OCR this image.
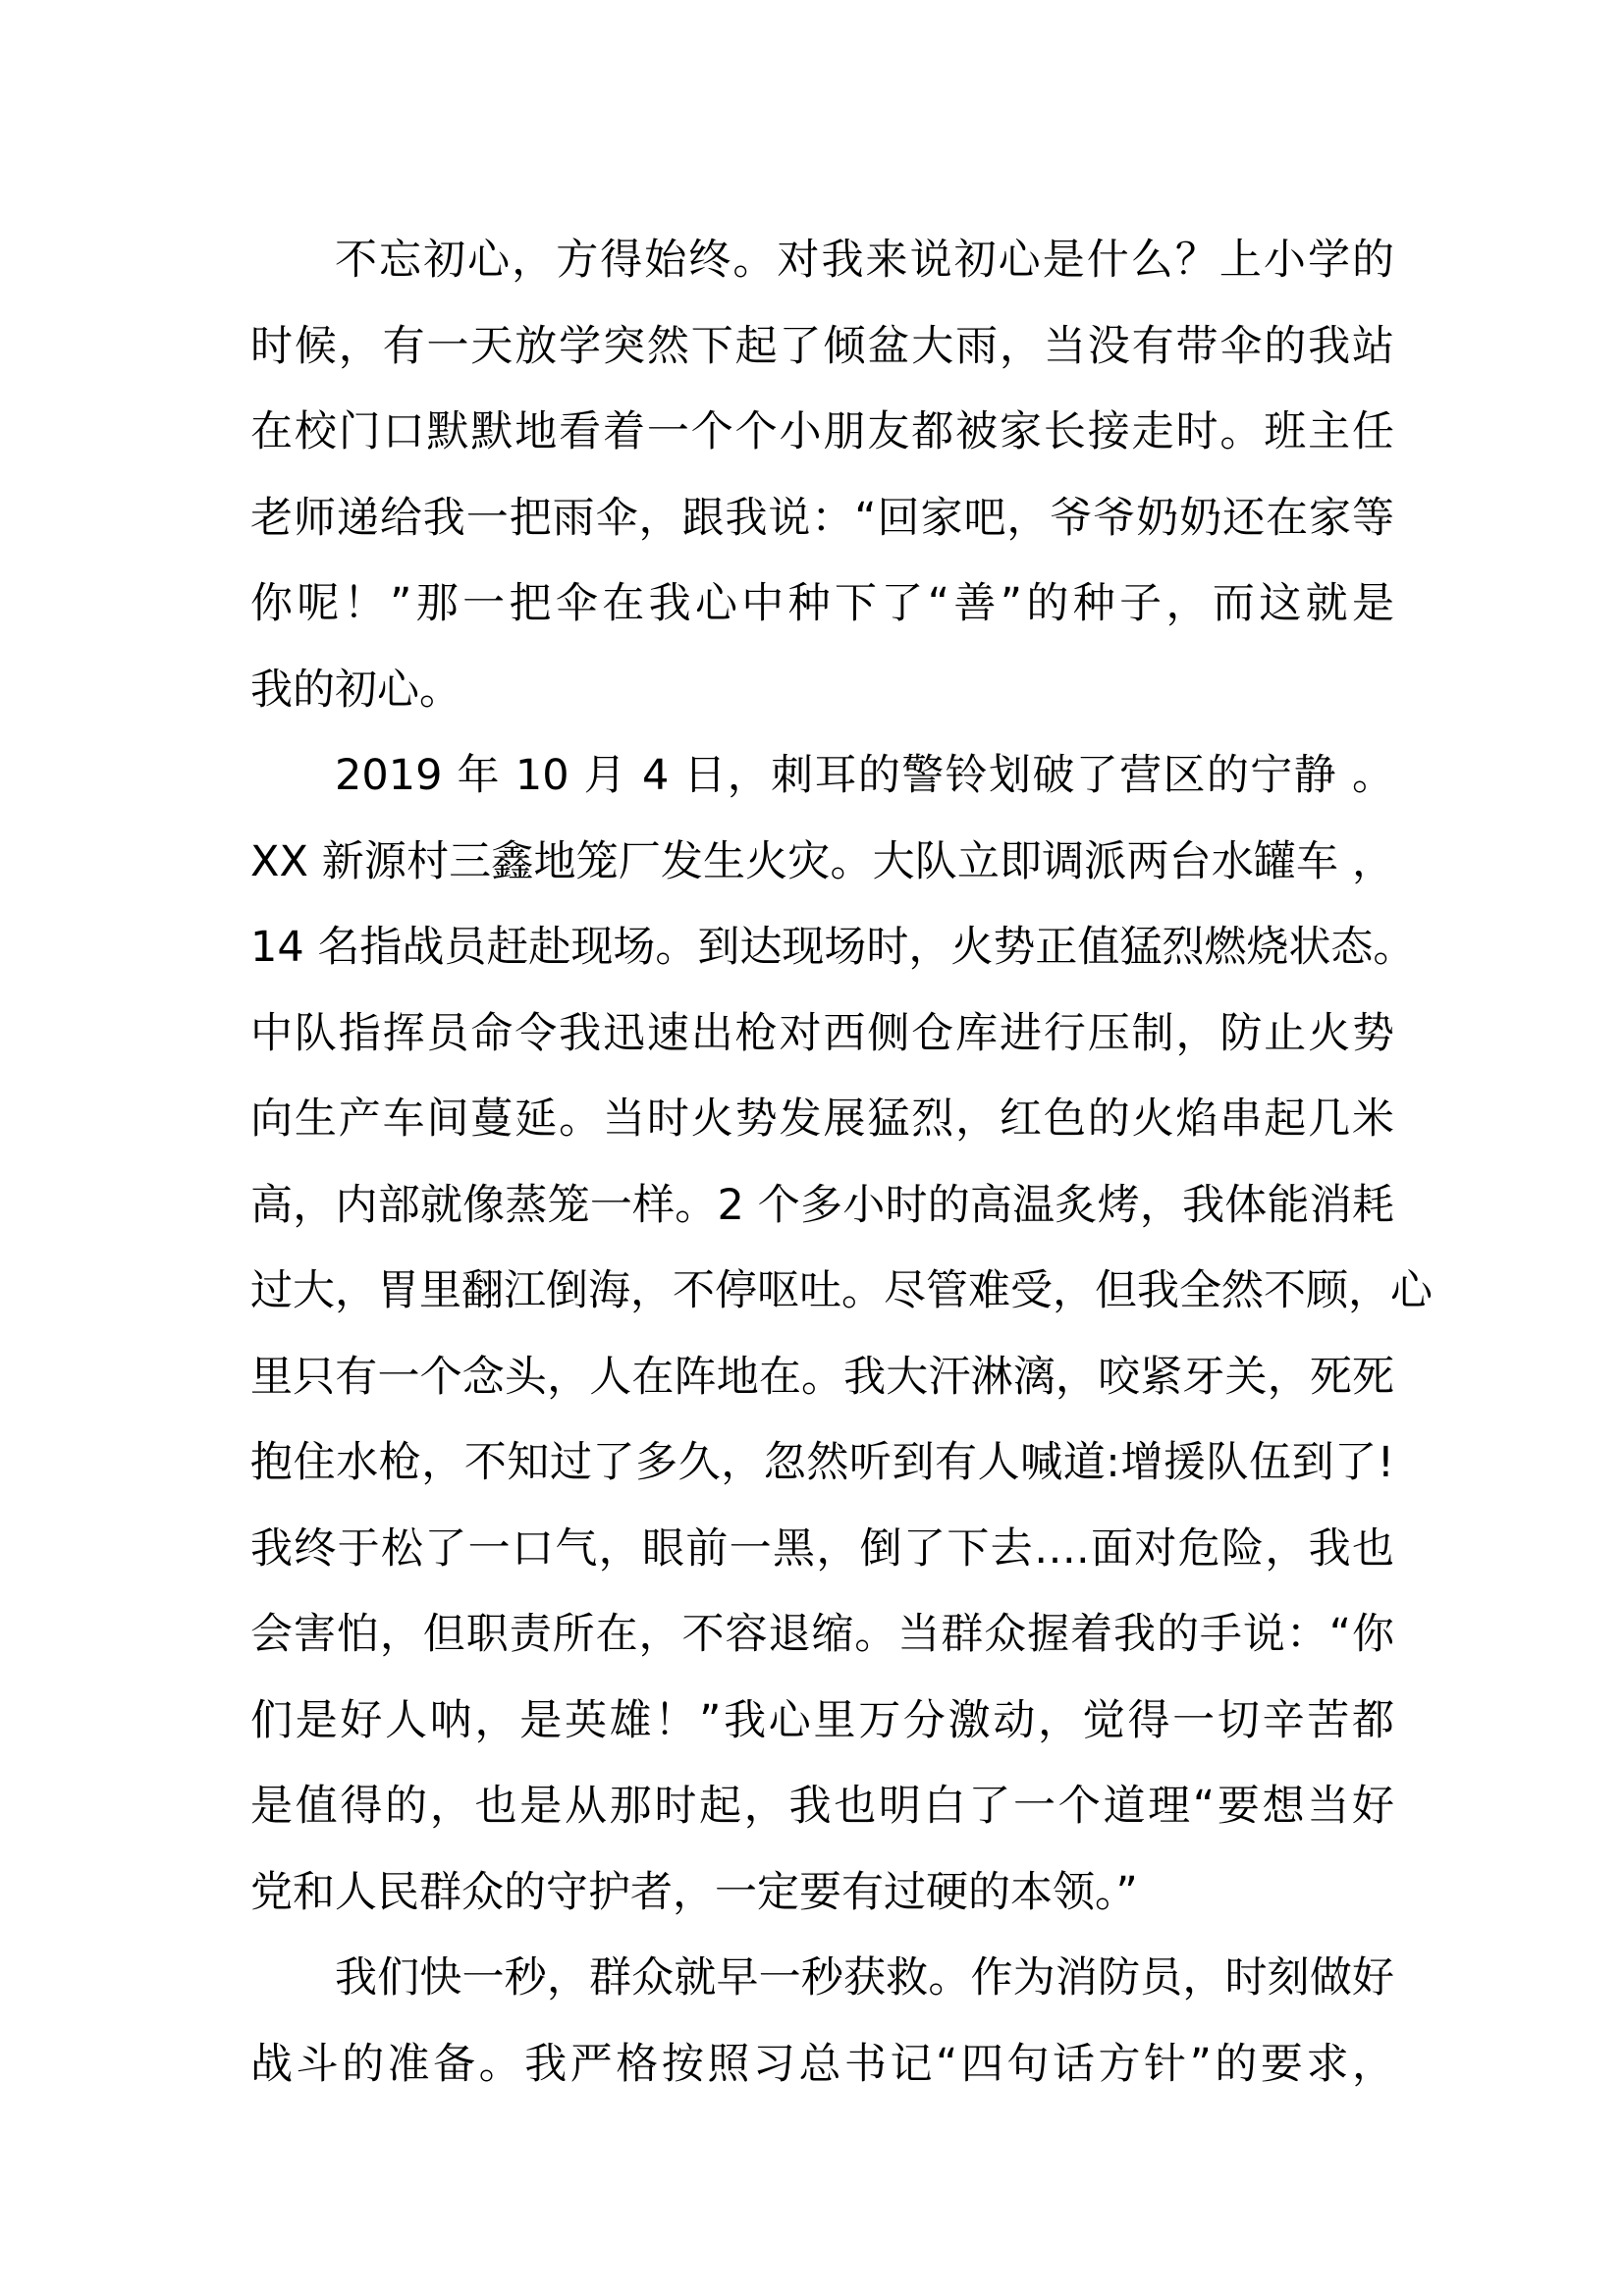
不忘初心，方得始终。对我来说初心是什么？上小学的
时候，有一天放学突然下起了倾盆大雨，当没有带伞的我站
在校门口默默地看着一个个小朋友都被家长接走时。班主任
老师递给我一把雨伞，跟我说：“回家吧，爷爷奶奶还在家等
你呢！”那一把伞在我心中种下了“善”的种子，而这就是
我的初心。
2019 年 10 月 4 日，刺耳的警铃划破了营区的宁静 。
XX 新源村三鑫地笼厂发生火灾。大队立即调派两台水罐车 ，
14 名指战员赶赴现场。到达现场时，火势正值猛烈燃烧状态。
中队指挥员命令我迅速出枪对西侧仓库进行压制，防止火势
向生产车间蔓延。当时火势发展猛烈，红色的火焰串起几米
高，内部就像蒸笼一样。2 个多小时的高温炙烤，我体能消耗
过大，胃里翻江倒海，不停呕吐。尽管难受，但我全然不顾，心
里只有一个念头，人在阵地在。我大汗淋漓，咬紧牙关，死死
抱住水枪，不知过了多久，忽然听到有人喊道:增援队伍到了!
我终于松了一口气，眼前一黑，倒了下去….面对危险，我也
会害怕，但职责所在，不容退缩。当群众握着我的手说：“你
们是好人呐，是英雄！”我心里万分激动，觉得一切辛苦都
是值得的，也是从那时起，我也明白了一个道理“要想当好
党和人民群众的守护者，一定要有过硬的本领。”
我们快一秒，群众就早一秒获救。作为消防员，时刻做好
战斗的准备。我严格按照习总书记“四句话方针”的要求，
